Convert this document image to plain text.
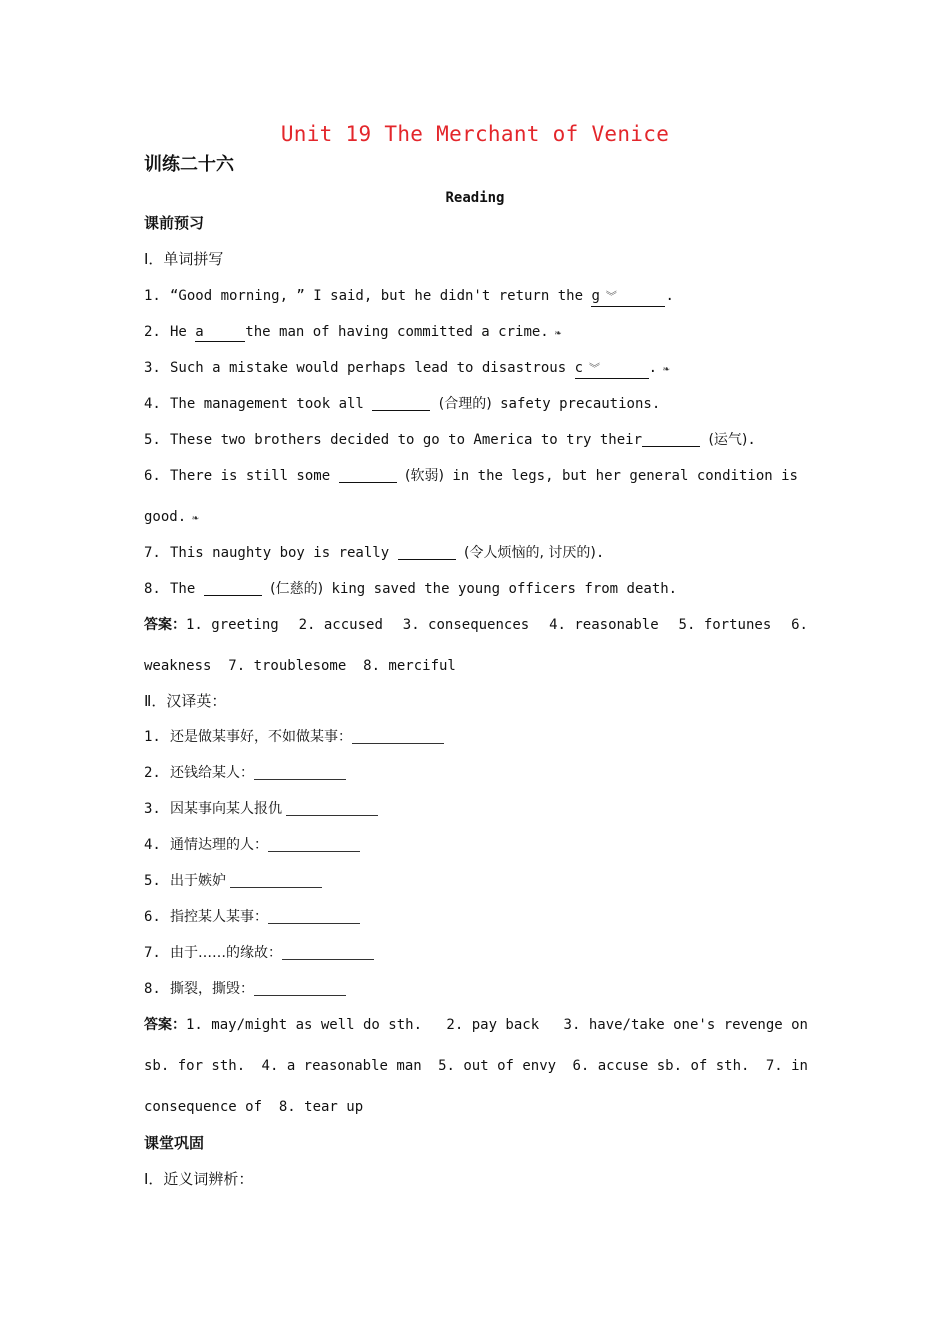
Unit 19 The Merchant of Venice
训练二十六
Reading
课前预习
Ⅰ．单词拼写
1. “Good morning, ” I said, but he didn't return the g ︾	.
2. He a	the man of having committed a crime. ❧
3. Such a mistake would perhaps lead to disastrous c ︾	. ❧
4. The management took all	(合理的) safety precautions.
5. These two brothers decided to go to America to try their	(运气).
6. There is still some	(软弱) in the legs, but her general condition is
good. ❧
7. This naughty boy is really	(令人烦恼的, 讨厌的).
8. The	(仁慈的) king saved the young officers from death.
答案：1. greeting 2. accused 3. consequences 4. reasonable 5. fortunes 6.
weakness  7. troublesome  8. merciful
Ⅱ．汉译英：
1. 还是做某事好，不如做某事：
2. 还钱给某人：
3. 因某事向某人报仇
4. 通情达理的人：
5. 出于嫉妒
6. 指控某人某事：
7. 由于……的缘故：
8. 撕裂，撕毁：
答案：1. may/might as well do sth. 2. pay back 3. have/take one's revenge on
sb. for sth. 4. a reasonable man 5. out of envy 6. accuse sb. of sth. 7. in
consequence of  8. tear up
课堂巩固
Ⅰ．近义词辨析：
